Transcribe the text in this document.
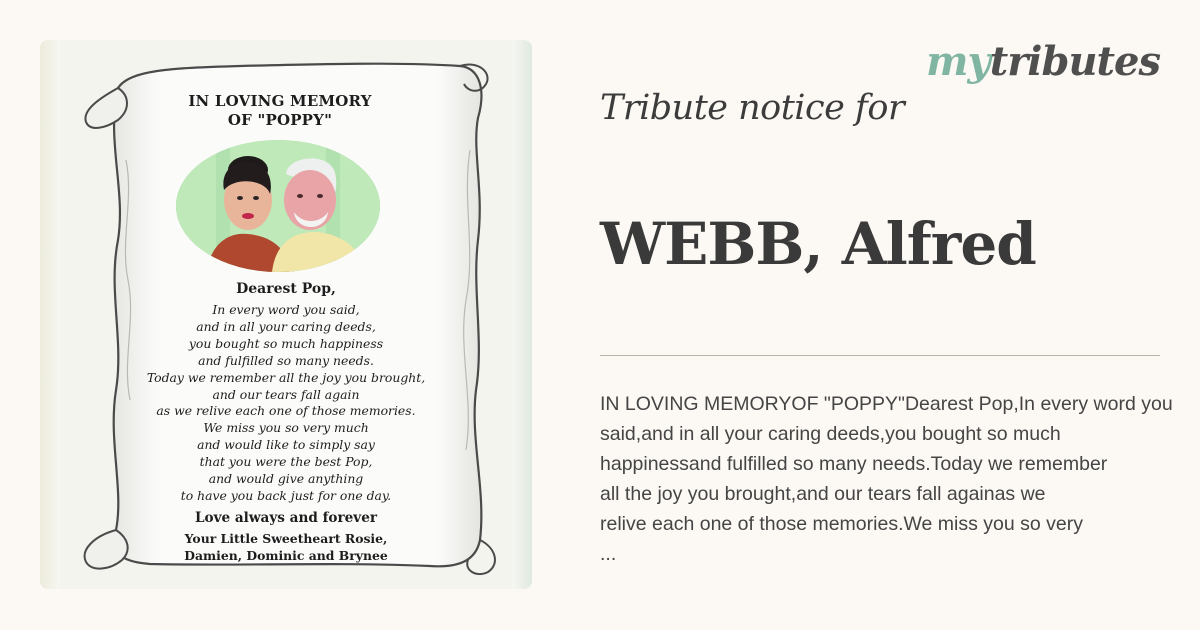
IN LOVING MEMORY
OF "POPPY"
Dearest Pop,
In every word you said,
and in all your caring deeds,
you bought so much happiness
and fulfilled so many needs.
Today we remember all the joy you brought,
and our tears fall again
as we relive each one of those memories.
We miss you so very much
and would like to simply say
that you were the best Pop,
and would give anything
to have you back just for one day.
Love always and forever
Your Little Sweetheart Rosie,
Damien, Dominic and Brynee
mytributes
Tribute notice for
WEBB, Alfred
IN LOVING MEMORYOF "POPPY"Dearest Pop,In every word you
said,and in all your caring deeds,you bought so much
happinessand fulfilled so many needs.Today we remember
all the joy you brought,and our tears fall againas we
relive each one of those memories.We miss you so very
...
